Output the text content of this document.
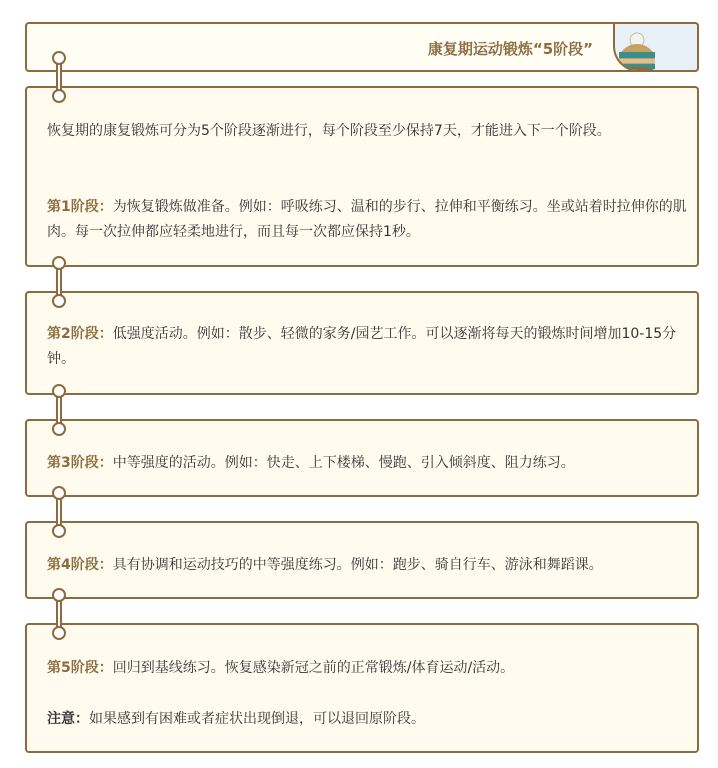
康复期运动锻炼“5阶段”

恢复期的康复锻炼可分为5个阶段逐渐进行，每个阶段至少保持7天，才能进入下一个阶段。

第1阶段：为恢复锻炼做准备。例如：呼吸练习、温和的步行、拉伸和平衡练习。坐或站着时拉伸你的肌肉。每一次拉伸都应轻柔地进行，而且每一次都应保持1秒。

第2阶段：低强度活动。例如：散步、轻微的家务/园艺工作。可以逐渐将每天的锻炼时间增加10-15分钟。

第3阶段：中等强度的活动。例如：快走、上下楼梯、慢跑、引入倾斜度、阻力练习。

第4阶段：具有协调和运动技巧的中等强度练习。例如：跑步、骑自行车、游泳和舞蹈课。

第5阶段：回归到基线练习。恢复感染新冠之前的正常锻炼/体育运动/活动。

注意：如果感到有困难或者症状出现倒退，可以退回原阶段。
